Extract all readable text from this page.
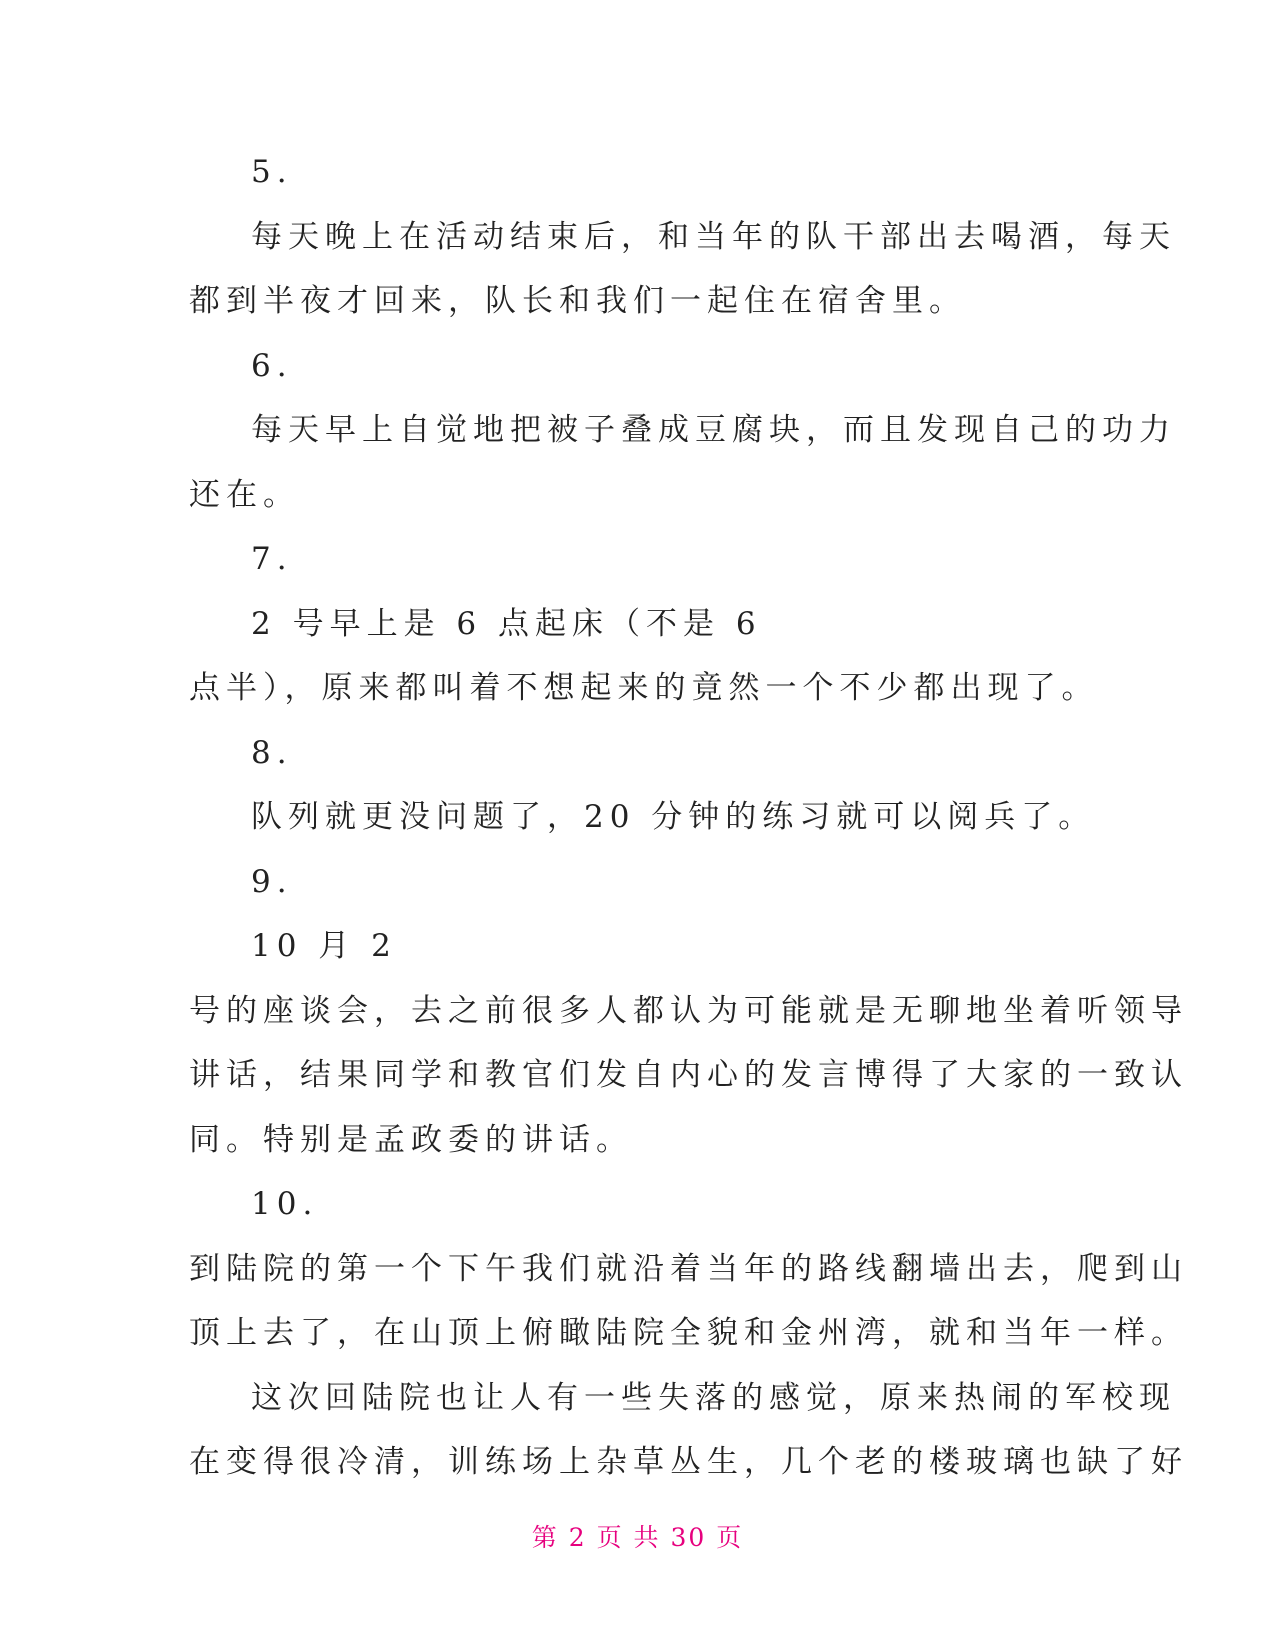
5.
每天晚上在活动结束后，和当年的队干部出去喝酒，每天
都到半夜才回来，队长和我们一起住在宿舍里。
6.
每天早上自觉地把被子叠成豆腐块，而且发现自己的功力
还在。
7.
2 号早上是 6 点起床（不是 6
点半），原来都叫着不想起来的竟然一个不少都出现了。
8.
队列就更没问题了，20 分钟的练习就可以阅兵了。
9.
10 月 2
号的座谈会，去之前很多人都认为可能就是无聊地坐着听领导
讲话，结果同学和教官们发自内心的发言博得了大家的一致认
同。特别是孟政委的讲话。
10.
到陆院的第一个下午我们就沿着当年的路线翻墙出去，爬到山
顶上去了，在山顶上俯瞰陆院全貌和金州湾，就和当年一样。
这次回陆院也让人有一些失落的感觉，原来热闹的军校现
在变得很冷清，训练场上杂草丛生，几个老的楼玻璃也缺了好
第 2 页 共 30 页
